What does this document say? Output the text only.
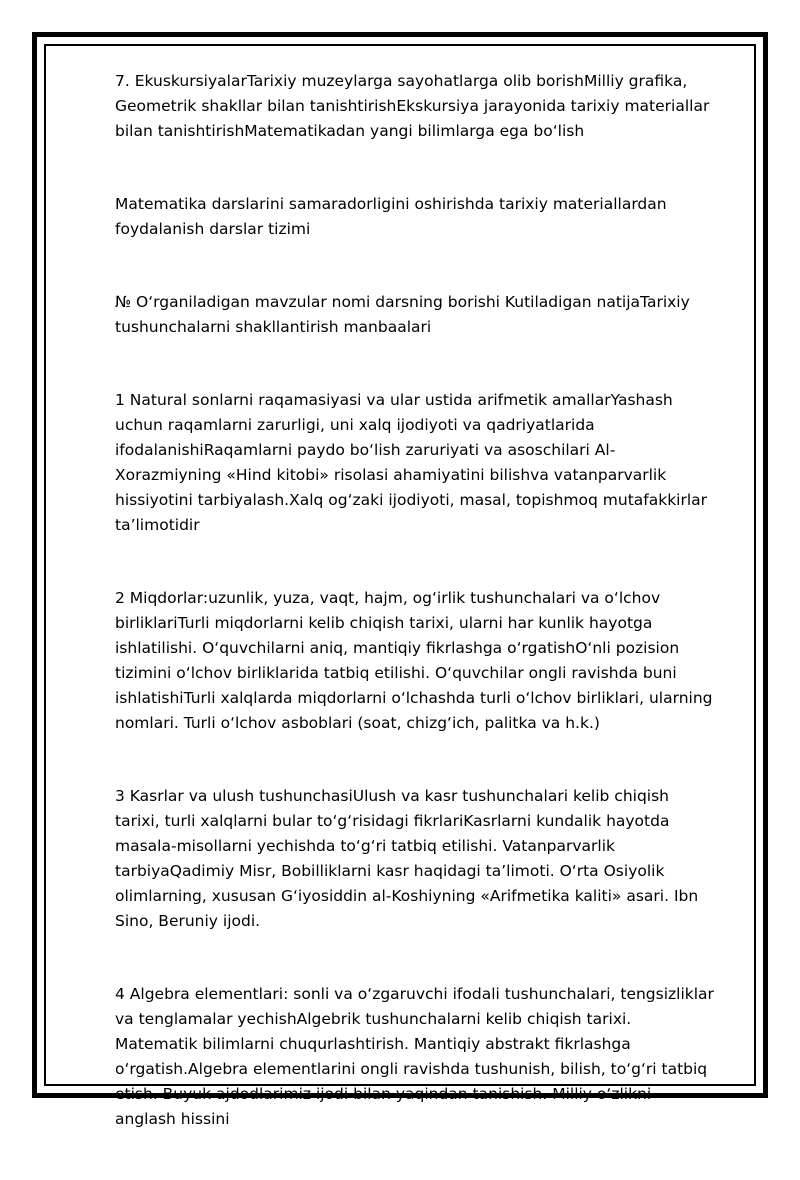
7. EkuskursiyalarTarixiy muzeylarga sayohatlarga olib borishMilliy grafika, Geometrik shakllar bilan tanishtirishEkskursiya jarayonida tarixiy materiallar bilan tanishtirishMatematikadan yangi bilimlarga ega bo‘lish

Matematika darslarini samaradorligini oshirishda tarixiy materiallardan foydalanish darslar tizimi

№ O‘rganiladigan mavzular nomi darsning borishi Kutiladigan natijaTarixiy tushunchalarni shakllantirish manbaalari

1 Natural sonlarni raqamasiyasi va ular ustida arifmetik amallarYashash uchun raqamlarni zarurligi, uni xalq ijodiyoti va qadriyatlarida ifodalanishiRaqamlarni paydo bo‘lish zaruriyati va asoschilari Al-Xorazmiyning «Hind kitobi» risolasi ahamiyatini bilishva vatanparvarlik hissiyotini tarbiyalash.Xalq og‘zaki ijodiyoti, masal, topishmoq mutafakkirlar ta’limotidir

2 Miqdorlar:uzunlik, yuza, vaqt, hajm, og‘irlik tushunchalari va o‘lchov birliklariTurli miqdorlarni kelib chiqish tarixi, ularni har kunlik hayotga ishlatilishi. O‘quvchilarni aniq, mantiqiy fikrlashga o‘rgatishO‘nli pozision tizimini o‘lchov birliklarida tatbiq etilishi. O‘quvchilar ongli ravishda buni ishlatishiTurli xalqlarda miqdorlarni o‘lchashda turli o‘lchov birliklari, ularning nomlari. Turli o‘lchov asboblari (soat, chizg‘ich, palitka va h.k.)

3 Kasrlar va ulush tushunchasiUlush va kasr tushunchalari kelib chiqish tarixi, turli xalqlarni bular to‘g‘risidagi fikrlariKasrlarni kundalik hayotda masala-misollarni yechishda to‘g‘ri tatbiq etilishi. Vatanparvarlik tarbiyaQadimiy Misr, Bobilliklarni kasr haqidagi ta’limoti. O‘rta Osiyolik olimlarning, xususan G‘iyosiddin al-Koshiyning «Arifmetika kaliti» asari. Ibn Sino, Beruniy ijodi.

4 Algebra elementlari: sonli va o‘zgaruvchi ifodali tushunchalari, tengsizliklar va tenglamalar yechishAlgebrik tushunchalarni kelib chiqish tarixi. Matematik bilimlarni chuqurlashtirish. Mantiqiy abstrakt fikrlashga o‘rgatish.Algebra elementlarini ongli ravishda tushunish, bilish, to‘g‘ri tatbiq etish. Buyuk ajdodlarimiz ijodi bilan yaqindan tanishish. Milliy o‘zlikni anglash hissini
